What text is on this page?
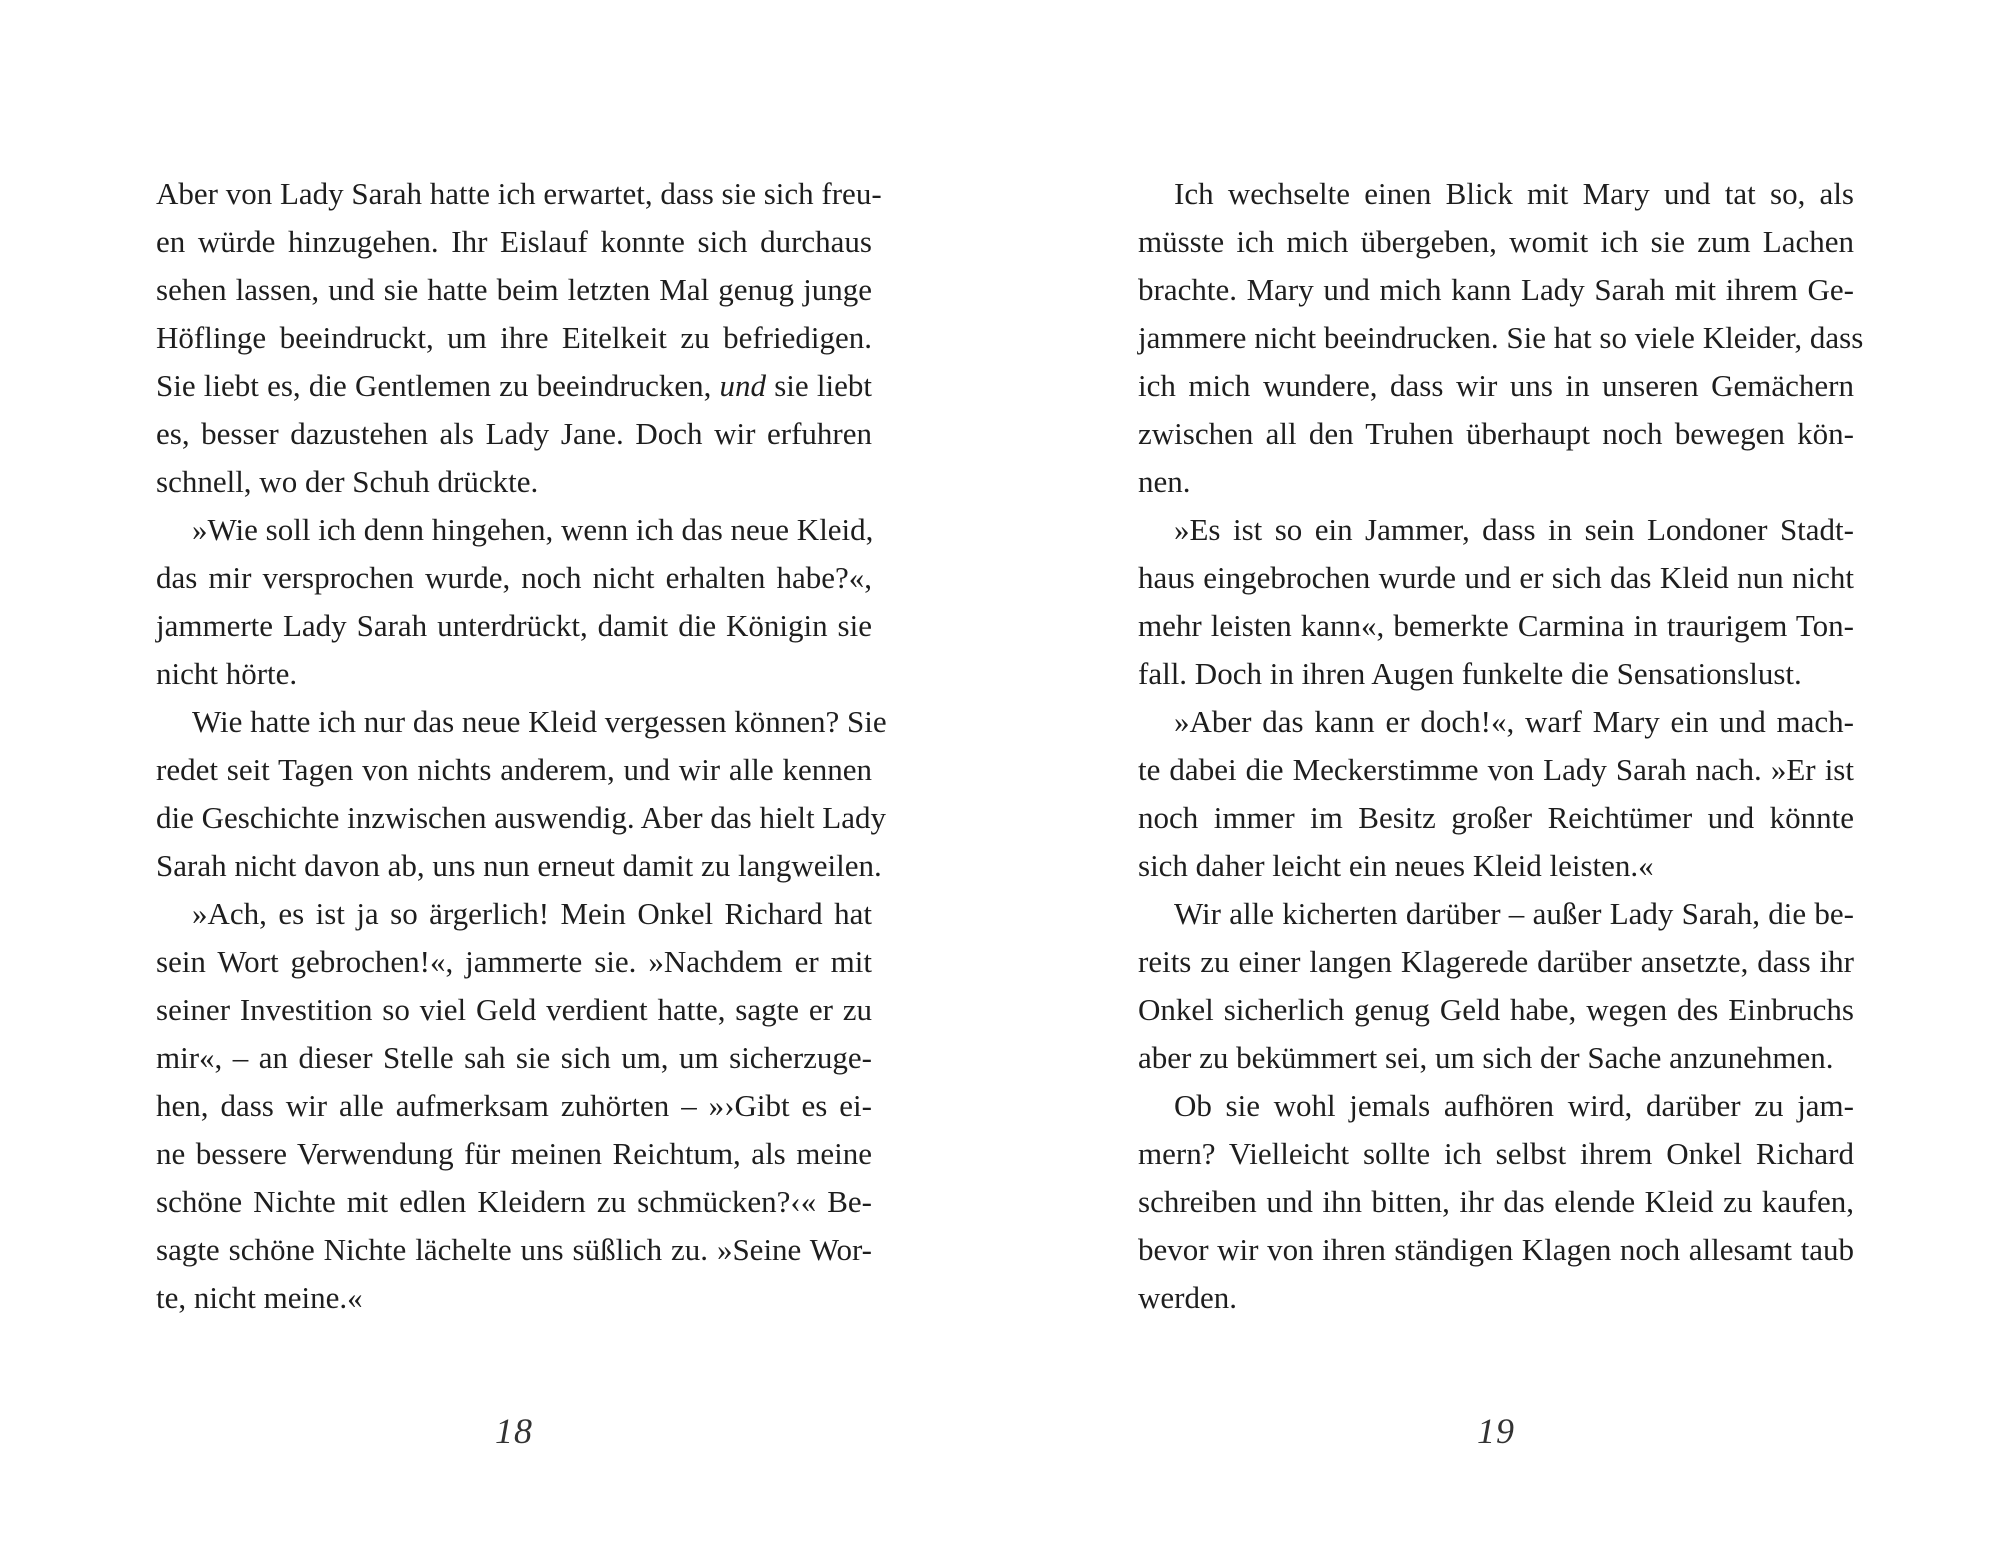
Aber von Lady Sarah hatte ich erwartet, dass sie sich freu-
en würde hinzugehen. Ihr Eislauf konnte sich durchaus
sehen lassen, und sie hatte beim letzten Mal genug junge
Höflinge beeindruckt, um ihre Eitelkeit zu befriedigen.
Sie liebt es, die Gentlemen zu beeindrucken, und sie liebt
es, besser dazustehen als Lady Jane. Doch wir erfuhren
schnell, wo der Schuh drückte.
»Wie soll ich denn hingehen, wenn ich das neue Kleid,
das mir versprochen wurde, noch nicht erhalten habe?«,
jammerte Lady Sarah unterdrückt, damit die Königin sie
nicht hörte.
Wie hatte ich nur das neue Kleid vergessen können? Sie
redet seit Tagen von nichts anderem, und wir alle kennen
die Geschichte inzwischen auswendig. Aber das hielt Lady
Sarah nicht davon ab, uns nun erneut damit zu langweilen.
»Ach, es ist ja so ärgerlich! Mein Onkel Richard hat
sein Wort gebrochen!«, jammerte sie. »Nachdem er mit
seiner Investition so viel Geld verdient hatte, sagte er zu
mir«, – an dieser Stelle sah sie sich um, um sicherzuge-
hen, dass wir alle aufmerksam zuhörten – »›Gibt es ei-
ne bessere Verwendung für meinen Reichtum, als meine
schöne Nichte mit edlen Kleidern zu schmücken?‹« Be-
sagte schöne Nichte lächelte uns süßlich zu. »Seine Wor-
te, nicht meine.«
18
Ich wechselte einen Blick mit Mary und tat so, als
müsste ich mich übergeben, womit ich sie zum Lachen
brachte. Mary und mich kann Lady Sarah mit ihrem Ge-
jammere nicht beeindrucken. Sie hat so viele Kleider, dass
ich mich wundere, dass wir uns in unseren Gemächern
zwischen all den Truhen überhaupt noch bewegen kön-
nen.
»Es ist so ein Jammer, dass in sein Londoner Stadt-
haus eingebrochen wurde und er sich das Kleid nun nicht
mehr leisten kann«, bemerkte Carmina in traurigem Ton-
fall. Doch in ihren Augen funkelte die Sensationslust.
»Aber das kann er doch!«, warf Mary ein und mach-
te dabei die Meckerstimme von Lady Sarah nach. »Er ist
noch immer im Besitz großer Reichtümer und könnte
sich daher leicht ein neues Kleid leisten.«
Wir alle kicherten darüber – außer Lady Sarah, die be-
reits zu einer langen Klagerede darüber ansetzte, dass ihr
Onkel sicherlich genug Geld habe, wegen des Einbruchs
aber zu bekümmert sei, um sich der Sache anzunehmen.
Ob sie wohl jemals aufhören wird, darüber zu jam-
mern? Vielleicht sollte ich selbst ihrem Onkel Richard
schreiben und ihn bitten, ihr das elende Kleid zu kaufen,
bevor wir von ihren ständigen Klagen noch allesamt taub
werden.
19
